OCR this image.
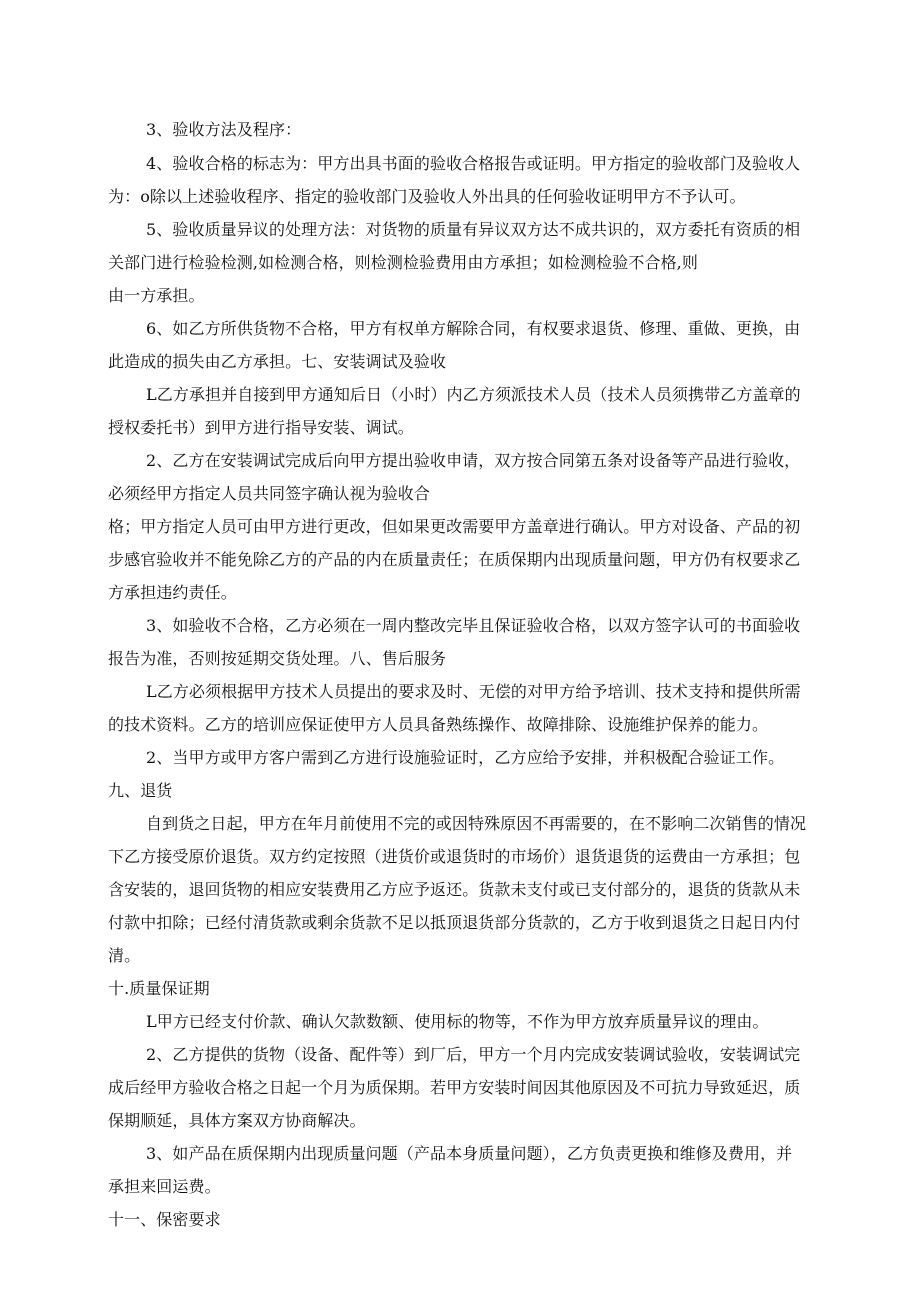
3、验收方法及程序：
4、验收合格的标志为：甲方出具书面的验收合格报告或证明。甲方指定的验收部门及验收人
为：o除以上述验收程序、指定的验收部门及验收人外出具的任何验收证明甲方不予认可。
5、验收质量异议的处理方法：对货物的质量有异议双方达不成共识的，双方委托有资质的相
关部门进行检验检测,如检测合格，则检测检验费用由方承担；如检测检验不合格,则
由一方承担。
6、如乙方所供货物不合格，甲方有权单方解除合同，有权要求退货、修理、重做、更换，由
此造成的损失由乙方承担。七、安装调试及验收
L乙方承担并自接到甲方通知后日（小时）内乙方须派技术人员（技术人员须携带乙方盖章的
授权委托书）到甲方进行指导安装、调试。
2、乙方在安装调试完成后向甲方提出验收申请，双方按合同第五条对设备等产品进行验收，
必须经甲方指定人员共同签字确认视为验收合
格；甲方指定人员可由甲方进行更改，但如果更改需要甲方盖章进行确认。甲方对设备、产品的初
步感官验收并不能免除乙方的产品的内在质量责任；在质保期内出现质量问题，甲方仍有权要求乙
方承担违约责任。
3、如验收不合格，乙方必须在一周内整改完毕且保证验收合格，以双方签字认可的书面验收
报告为准，否则按延期交货处理。八、售后服务
L乙方必须根据甲方技术人员提出的要求及时、无偿的对甲方给予培训、技术支持和提供所需
的技术资料。乙方的培训应保证使甲方人员具备熟练操作、故障排除、设施维护保养的能力。
2、当甲方或甲方客户需到乙方进行设施验证时，乙方应给予安排，并积极配合验证工作。
九、退货
自到货之日起，甲方在年月前使用不完的或因特殊原因不再需要的，在不影响二次销售的情况
下乙方接受原价退货。双方约定按照（进货价或退货时的市场价）退货退货的运费由一方承担；包
含安装的，退回货物的相应安装费用乙方应予返还。货款未支付或已支付部分的，退货的货款从未
付款中扣除；已经付清货款或剩余货款不足以抵顶退货部分货款的，乙方于收到退货之日起日内付
清。
十.质量保证期
L甲方已经支付价款、确认欠款数额、使用标的物等，不作为甲方放弃质量异议的理由。
2、乙方提供的货物（设备、配件等）到厂后，甲方一个月内完成安装调试验收，安装调试完
成后经甲方验收合格之日起一个月为质保期。若甲方安装时间因其他原因及不可抗力导致延迟，质
保期顺延，具体方案双方协商解决。
3、如产品在质保期内出现质量问题（产品本身质量问题），乙方负责更换和维修及费用，并
承担来回运费。
十一、保密要求
